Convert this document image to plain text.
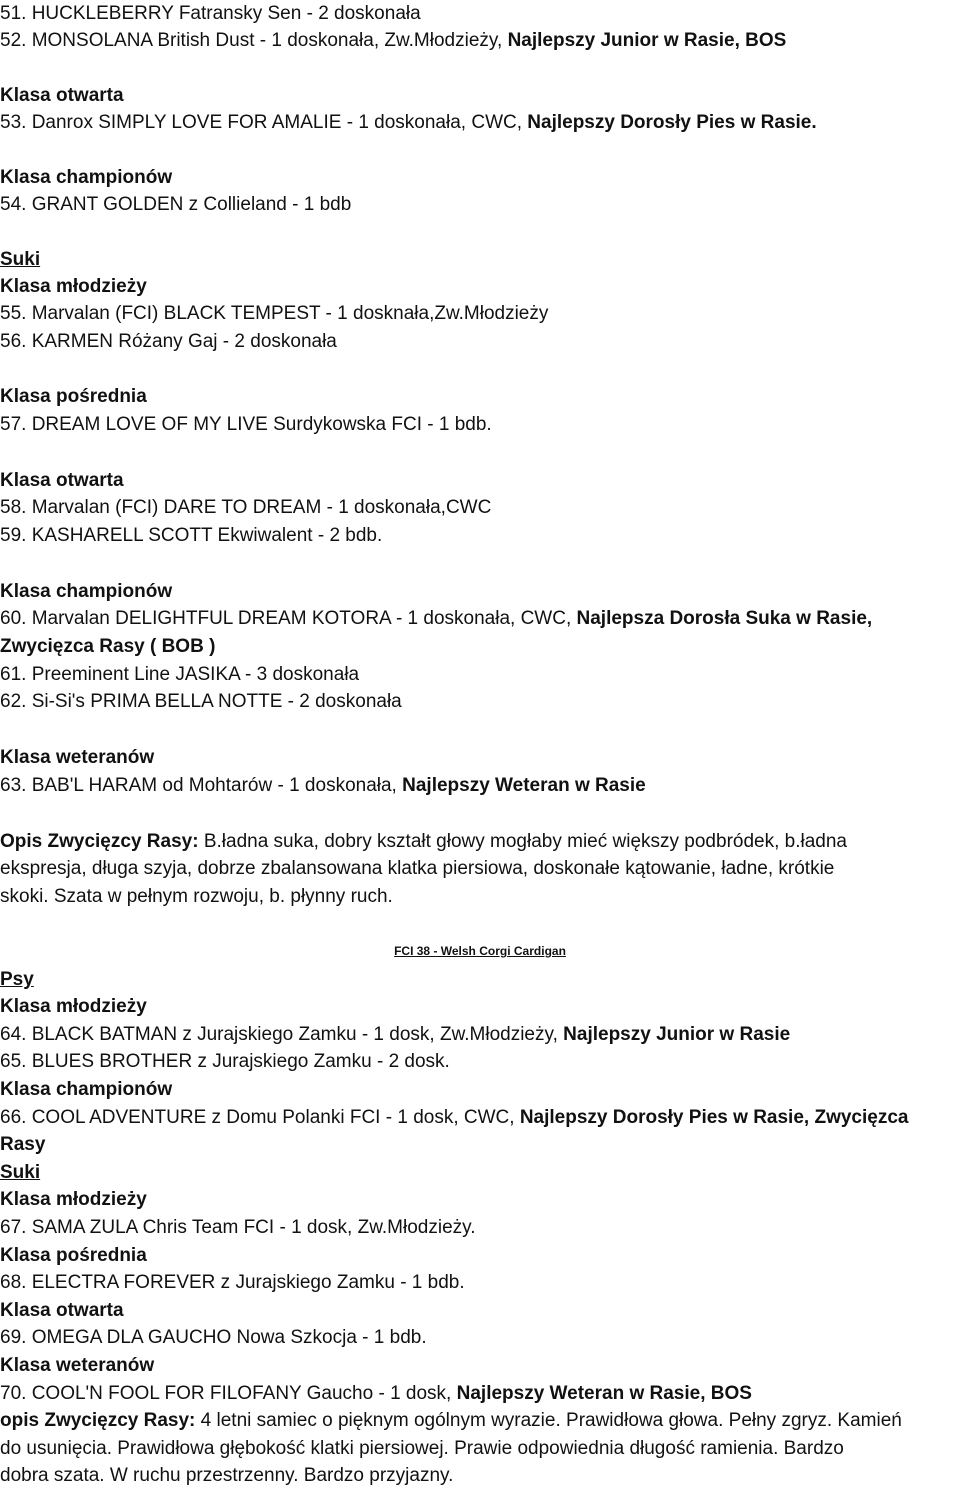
51. HUCKLEBERRY Fatransky Sen - 2 doskonała
52. MONSOLANA British Dust - 1 doskonała, Zw.Młodzieży, Najlepszy Junior w Rasie, BOS
Klasa otwarta
53. Danrox SIMPLY LOVE FOR AMALIE - 1 doskonała, CWC, Najlepszy Dorosły Pies w Rasie.
Klasa championów
54. GRANT GOLDEN z Collieland - 1 bdb
Suki
Klasa młodzieży
55. Marvalan (FCI) BLACK TEMPEST - 1 dosknała,Zw.Młodzieży
56. KARMEN Różany Gaj - 2 doskonała
Klasa pośrednia
57. DREAM LOVE OF MY LIVE Surdykowska FCI - 1 bdb.
Klasa otwarta
58. Marvalan (FCI) DARE TO DREAM - 1 doskonała,CWC
59. KASHARELL SCOTT Ekwiwalent - 2 bdb.
Klasa championów
60. Marvalan DELIGHTFUL DREAM KOTORA - 1 doskonała, CWC, Najlepsza Dorosła Suka w Rasie,
Zwycięzca Rasy ( BOB )
61. Preeminent Line JASIKA - 3 doskonała
62. Si-Si's PRIMA BELLA NOTTE - 2 doskonała
Klasa weteranów
63. BAB'L HARAM od Mohtarów - 1 doskonała, Najlepszy Weteran w Rasie
Opis Zwycięzcy Rasy: B.ładna suka, dobry kształt głowy mogłaby mieć większy podbródek, b.ładna
ekspresja, długa szyja, dobrze zbalansowana klatka piersiowa, doskonałe kątowanie, ładne, krótkie
skoki. Szata w pełnym rozwoju, b. płynny ruch.
FCI 38 - Welsh Corgi Cardigan
Psy
Klasa młodzieży
64. BLACK BATMAN z Jurajskiego Zamku - 1 dosk, Zw.Młodzieży, Najlepszy Junior w Rasie
65. BLUES BROTHER z Jurajskiego Zamku - 2 dosk.
Klasa championów
66. COOL ADVENTURE z Domu Polanki FCI - 1 dosk, CWC, Najlepszy Dorosły Pies w Rasie, Zwycięzca
Rasy
Suki
Klasa młodzieży
67. SAMA ZULA Chris Team FCI - 1 dosk, Zw.Młodzieży.
Klasa pośrednia
68. ELECTRA FOREVER z Jurajskiego Zamku - 1 bdb.
Klasa otwarta
69. OMEGA DLA GAUCHO Nowa Szkocja - 1 bdb.
Klasa weteranów
70. COOL'N FOOL FOR FILOFANY Gaucho - 1 dosk, Najlepszy Weteran w Rasie, BOS
opis Zwycięzcy Rasy: 4 letni samiec o pięknym ogólnym wyrazie. Prawidłowa głowa. Pełny zgryz. Kamień
do usunięcia. Prawidłowa głębokość klatki piersiowej. Prawie odpowiednia długość ramienia. Bardzo
dobra szata. W ruchu przestrzenny. Bardzo przyjazny.
